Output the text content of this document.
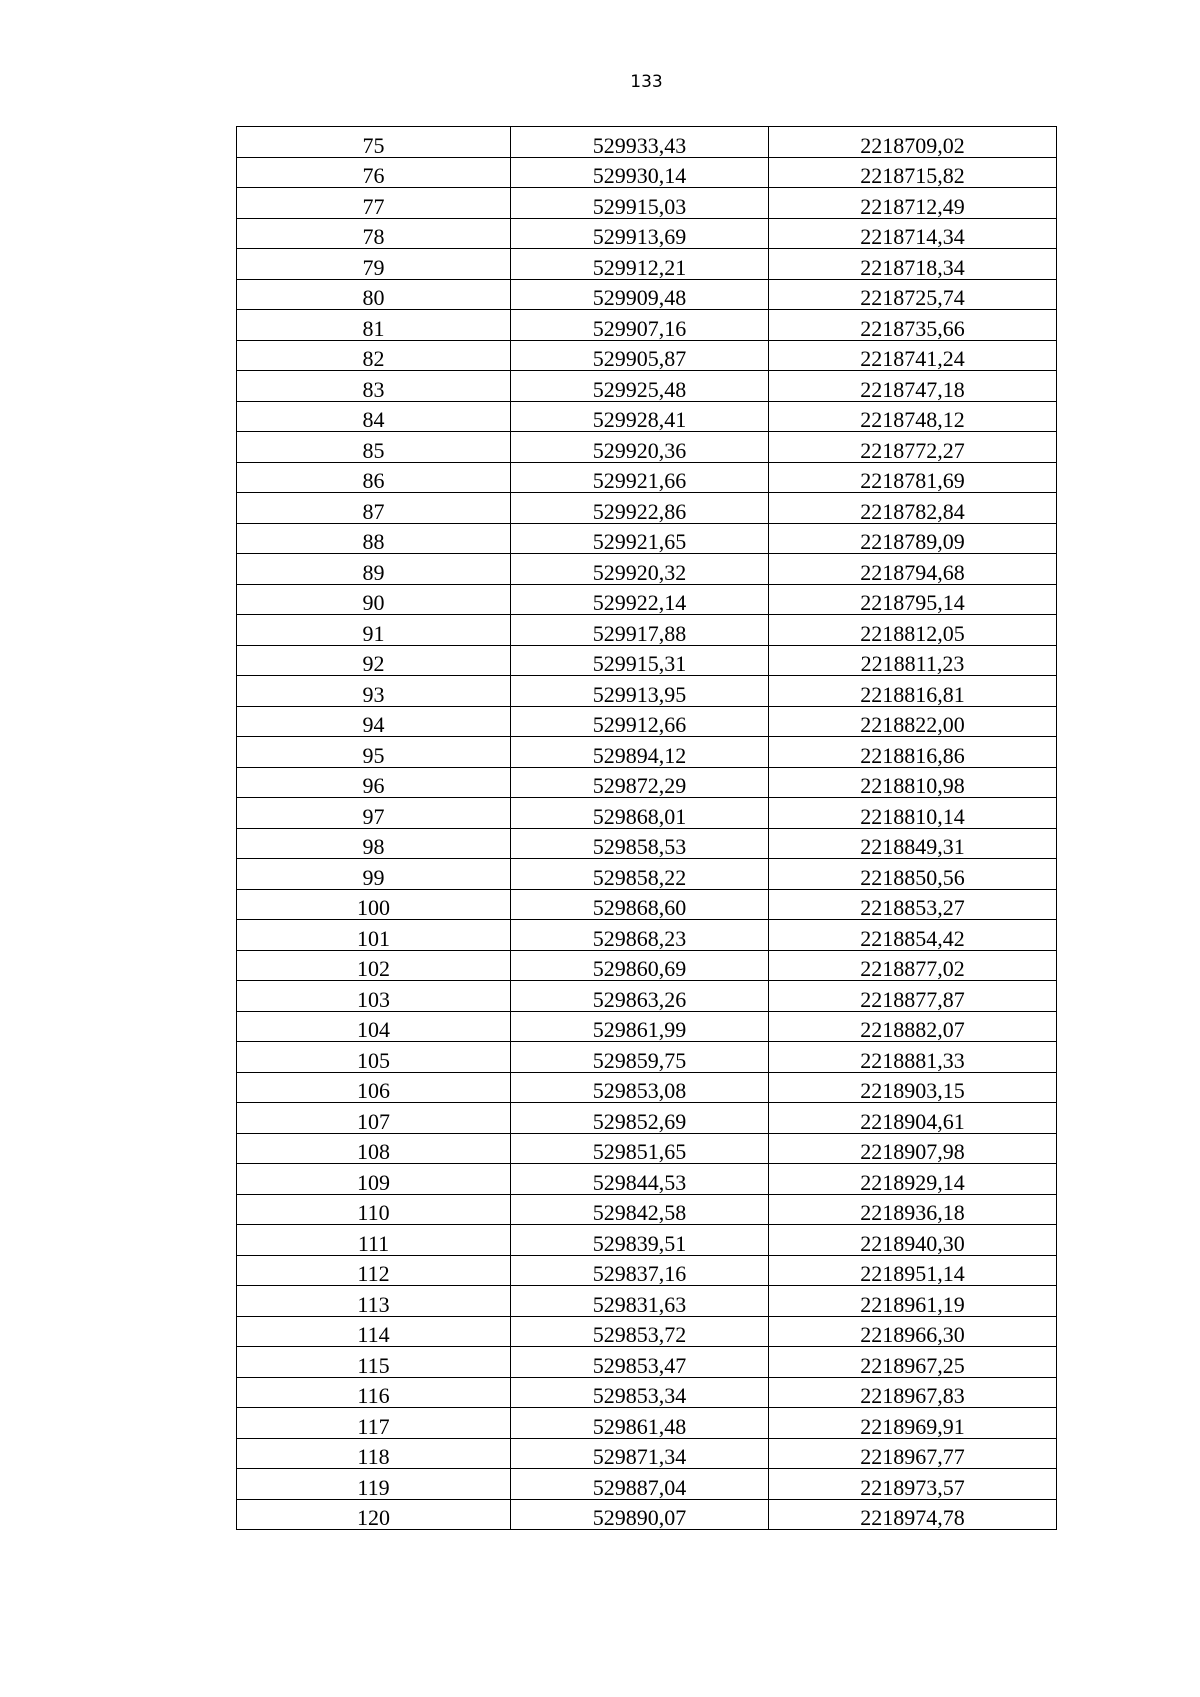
133
75	529933,43	2218709,02
76	529930,14	2218715,82
77	529915,03	2218712,49
78	529913,69	2218714,34
79	529912,21	2218718,34
80	529909,48	2218725,74
81	529907,16	2218735,66
82	529905,87	2218741,24
83	529925,48	2218747,18
84	529928,41	2218748,12
85	529920,36	2218772,27
86	529921,66	2218781,69
87	529922,86	2218782,84
88	529921,65	2218789,09
89	529920,32	2218794,68
90	529922,14	2218795,14
91	529917,88	2218812,05
92	529915,31	2218811,23
93	529913,95	2218816,81
94	529912,66	2218822,00
95	529894,12	2218816,86
96	529872,29	2218810,98
97	529868,01	2218810,14
98	529858,53	2218849,31
99	529858,22	2218850,56
100	529868,60	2218853,27
101	529868,23	2218854,42
102	529860,69	2218877,02
103	529863,26	2218877,87
104	529861,99	2218882,07
105	529859,75	2218881,33
106	529853,08	2218903,15
107	529852,69	2218904,61
108	529851,65	2218907,98
109	529844,53	2218929,14
110	529842,58	2218936,18
111	529839,51	2218940,30
112	529837,16	2218951,14
113	529831,63	2218961,19
114	529853,72	2218966,30
115	529853,47	2218967,25
116	529853,34	2218967,83
117	529861,48	2218969,91
118	529871,34	2218967,77
119	529887,04	2218973,57
120	529890,07	2218974,78
